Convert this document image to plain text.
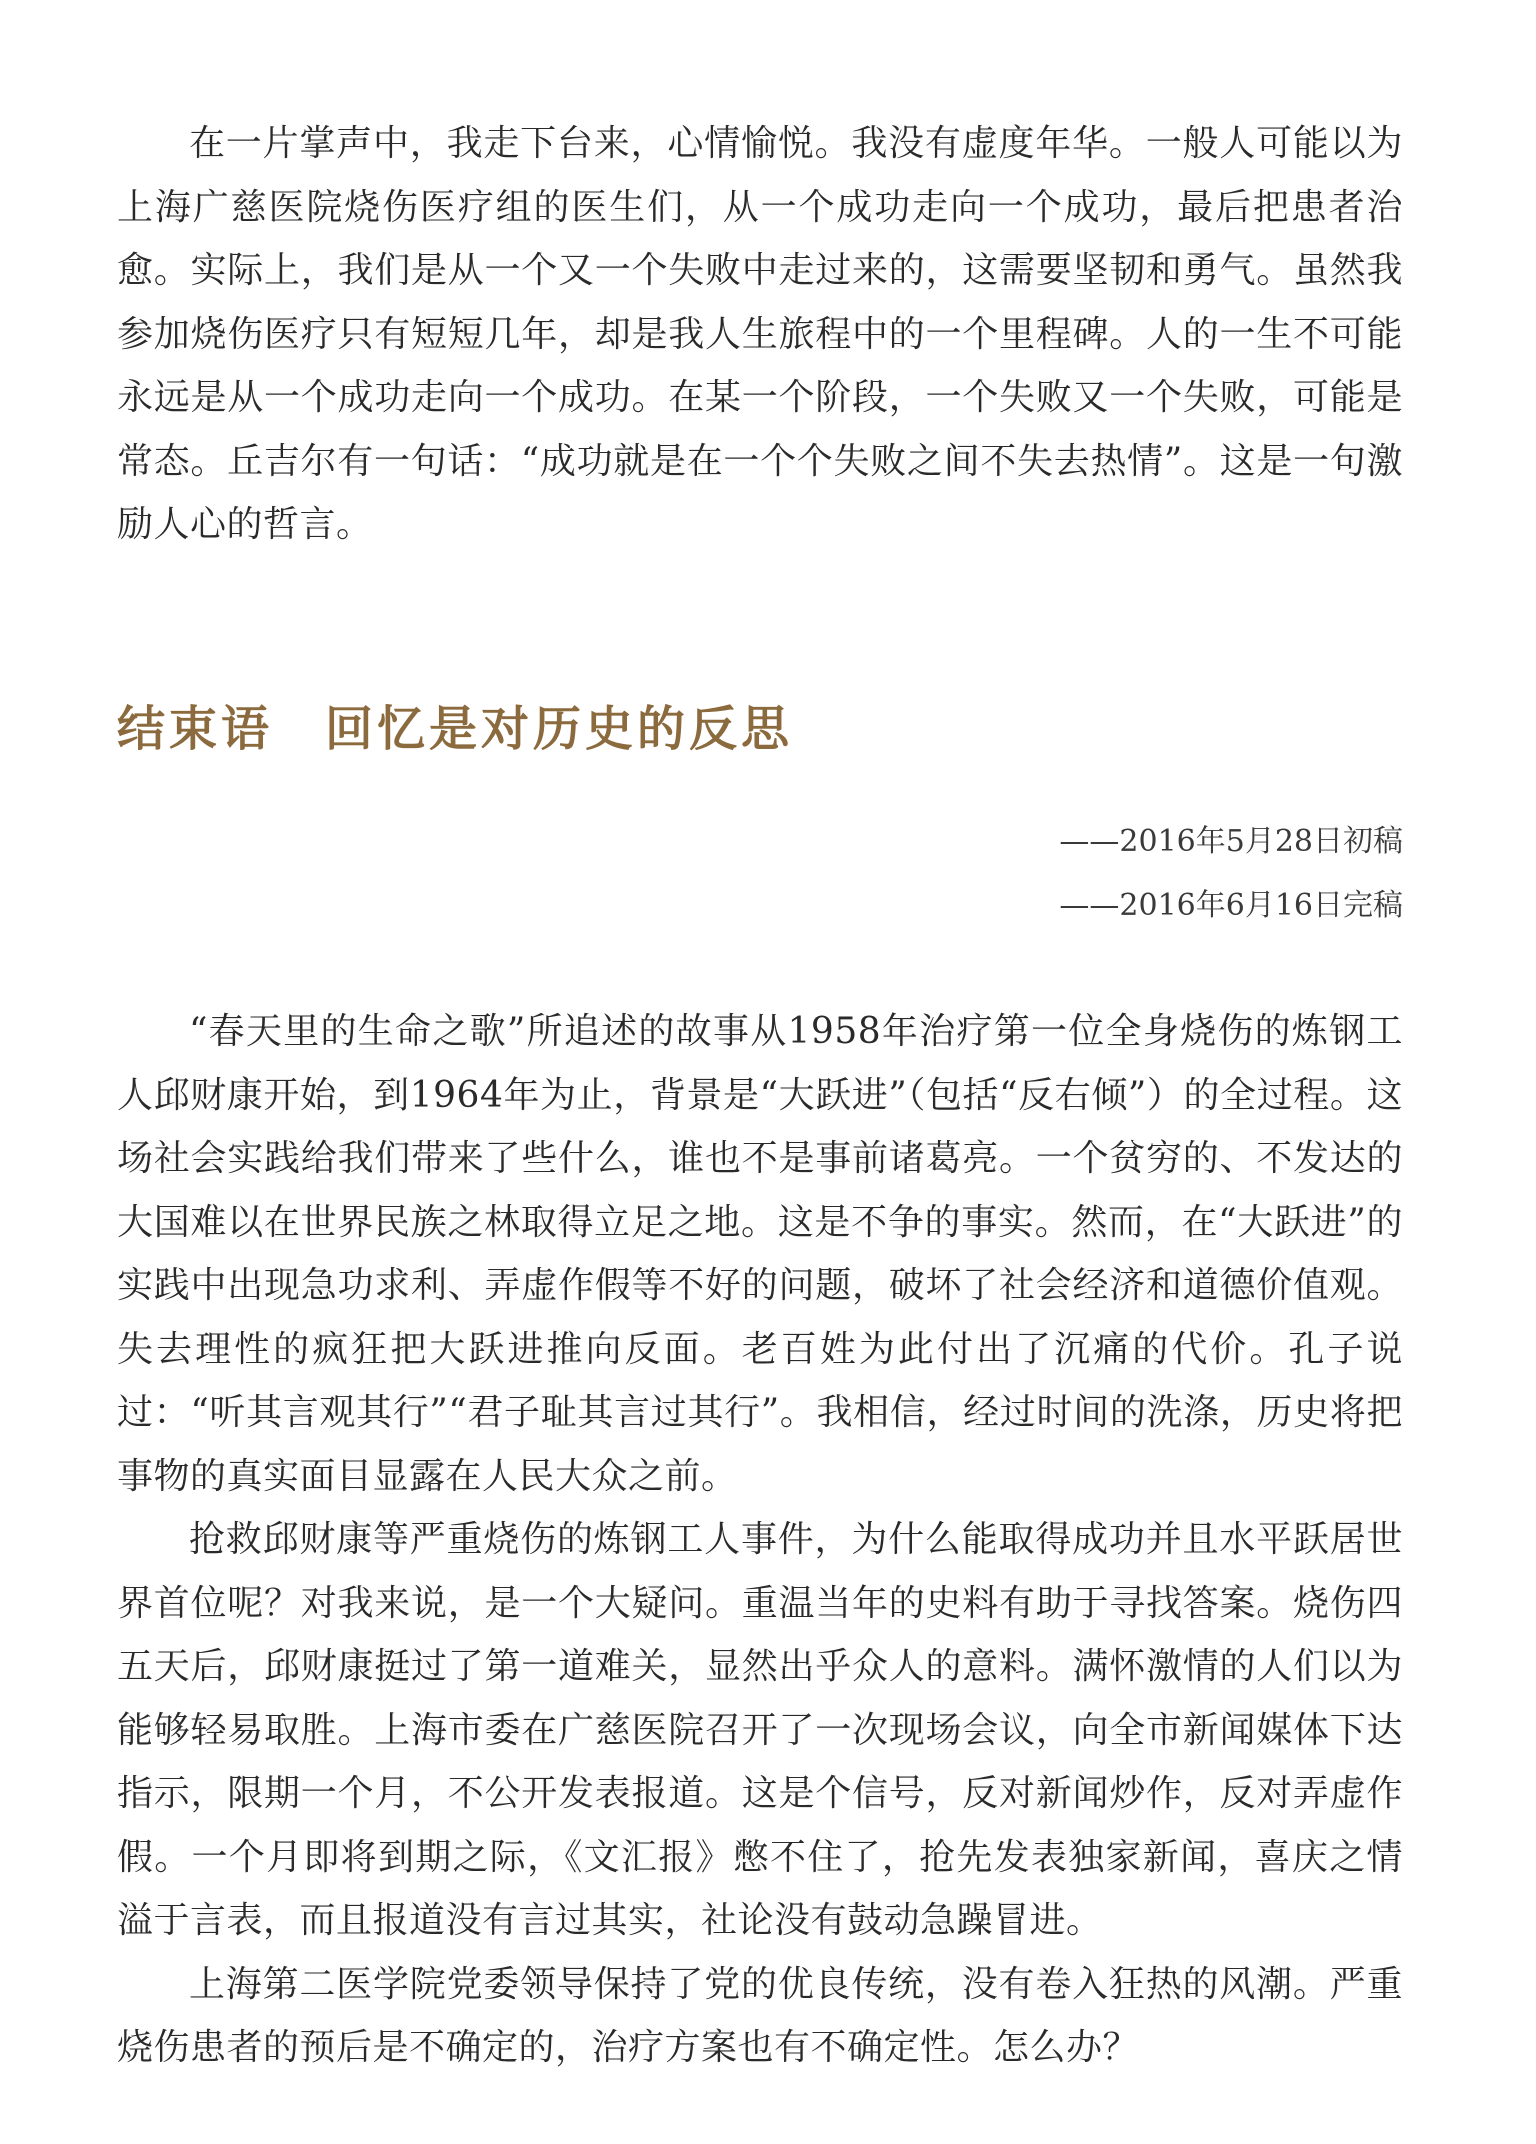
在一片掌声中，我走下台来，心情愉悦。我没有虚度年华。一般人可能以为上海广慈医院烧伤医疗组的医生们，从一个成功走向一个成功，最后把患者治愈。实际上，我们是从一个又一个失败中走过来的，这需要坚韧和勇气。虽然我参加烧伤医疗只有短短几年，却是我人生旅程中的一个里程碑。人的一生不可能永远是从一个成功走向一个成功。在某一个阶段，一个失败又一个失败，可能是常态。丘吉尔有一句话：“成功就是在一个个失败之间不失去热情”。这是一句激励人心的哲言。

结束语　回忆是对历史的反思
——2016年5月28日初稿
——2016年6月16日完稿

“春天里的生命之歌”所追述的故事从1958年治疗第一位全身烧伤的炼钢工人邱财康开始，到1964年为止，背景是“大跃进”（包括“反右倾”）的全过程。这场社会实践给我们带来了些什么，谁也不是事前诸葛亮。一个贫穷的、不发达的大国难以在世界民族之林取得立足之地。这是不争的事实。然而，在“大跃进”的实践中出现急功求利、弄虚作假等不好的问题，破坏了社会经济和道德价值观。失去理性的疯狂把大跃进推向反面。老百姓为此付出了沉痛的代价。孔子说过：“听其言观其行”“君子耻其言过其行”。我相信，经过时间的洗涤，历史将把事物的真实面目显露在人民大众之前。

抢救邱财康等严重烧伤的炼钢工人事件，为什么能取得成功并且水平跃居世界首位呢？对我来说，是一个大疑问。重温当年的史料有助于寻找答案。烧伤四五天后，邱财康挺过了第一道难关，显然出乎众人的意料。满怀激情的人们以为能够轻易取胜。上海市委在广慈医院召开了一次现场会议，向全市新闻媒体下达指示，限期一个月，不公开发表报道。这是个信号，反对新闻炒作，反对弄虚作假。一个月即将到期之际，《文汇报》憋不住了，抢先发表独家新闻，喜庆之情溢于言表，而且报道没有言过其实，社论没有鼓动急躁冒进。

上海第二医学院党委领导保持了党的优良传统，没有卷入狂热的风潮。严重烧伤患者的预后是不确定的，治疗方案也有不确定性。怎么办？
